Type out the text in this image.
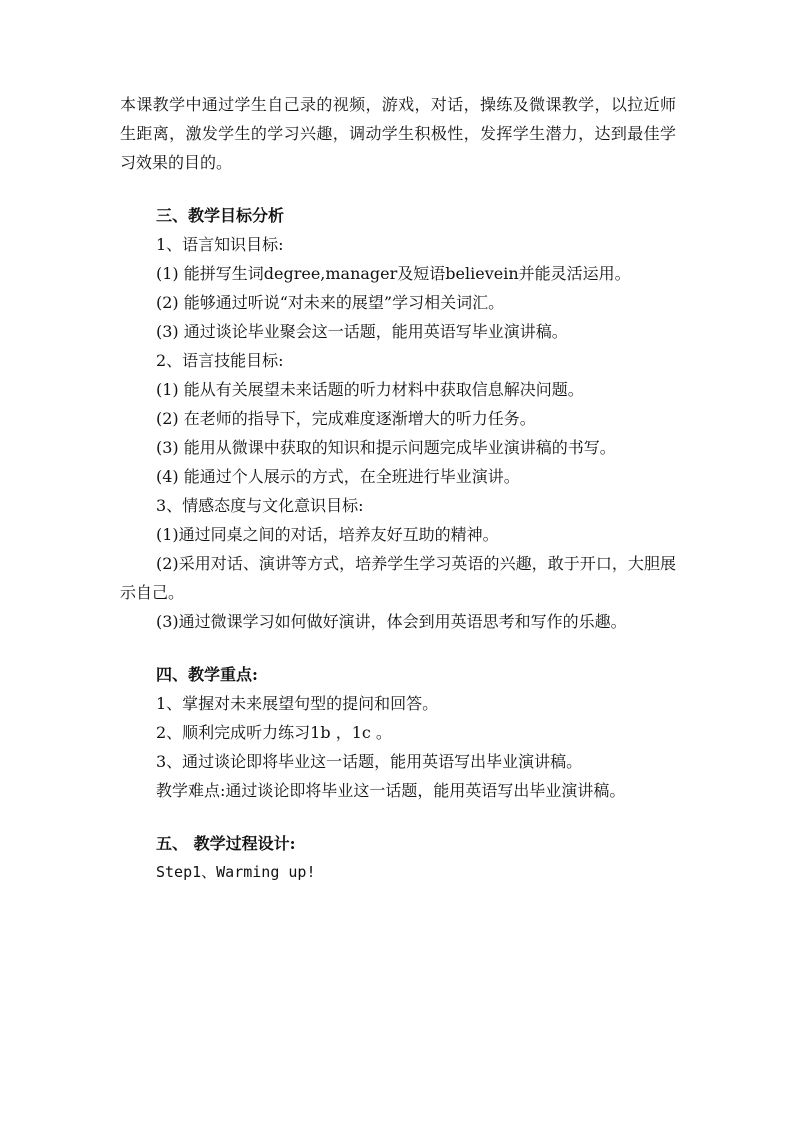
本课教学中通过学生自己录的视频，游戏，对话，操练及微课教学，以拉近师生距离，激发学生的学习兴趣，调动学生积极性，发挥学生潜力，达到最佳学习效果的目的。

三、教学目标分析

1、语言知识目标:

(1) 能拼写生词degree,manager及短语believein并能灵活运用。

(2) 能够通过听说“对未来的展望”学习相关词汇。

(3) 通过谈论毕业聚会这一话题，能用英语写毕业演讲稿。

2、语言技能目标:

(1) 能从有关展望未来话题的听力材料中获取信息解决问题。

(2) 在老师的指导下，完成难度逐渐增大的听力任务。

(3) 能用从微课中获取的知识和提示问题完成毕业演讲稿的书写。

(4) 能通过个人展示的方式，在全班进行毕业演讲。

3、情感态度与文化意识目标:

(1)通过同桌之间的对话，培养友好互助的精神。

(2)采用对话、演讲等方式，培养学生学习英语的兴趣，敢于开口，大胆展示自己。

(3)通过微课学习如何做好演讲，体会到用英语思考和写作的乐趣。

四、教学重点:

1、掌握对未来展望句型的提问和回答。

2、顺利完成听力练习1b ，1c 。

3、通过谈论即将毕业这一话题，能用英语写出毕业演讲稿。

教学难点:通过谈论即将毕业这一话题，能用英语写出毕业演讲稿。

五、 教学过程设计:

Step1、Warming up!
